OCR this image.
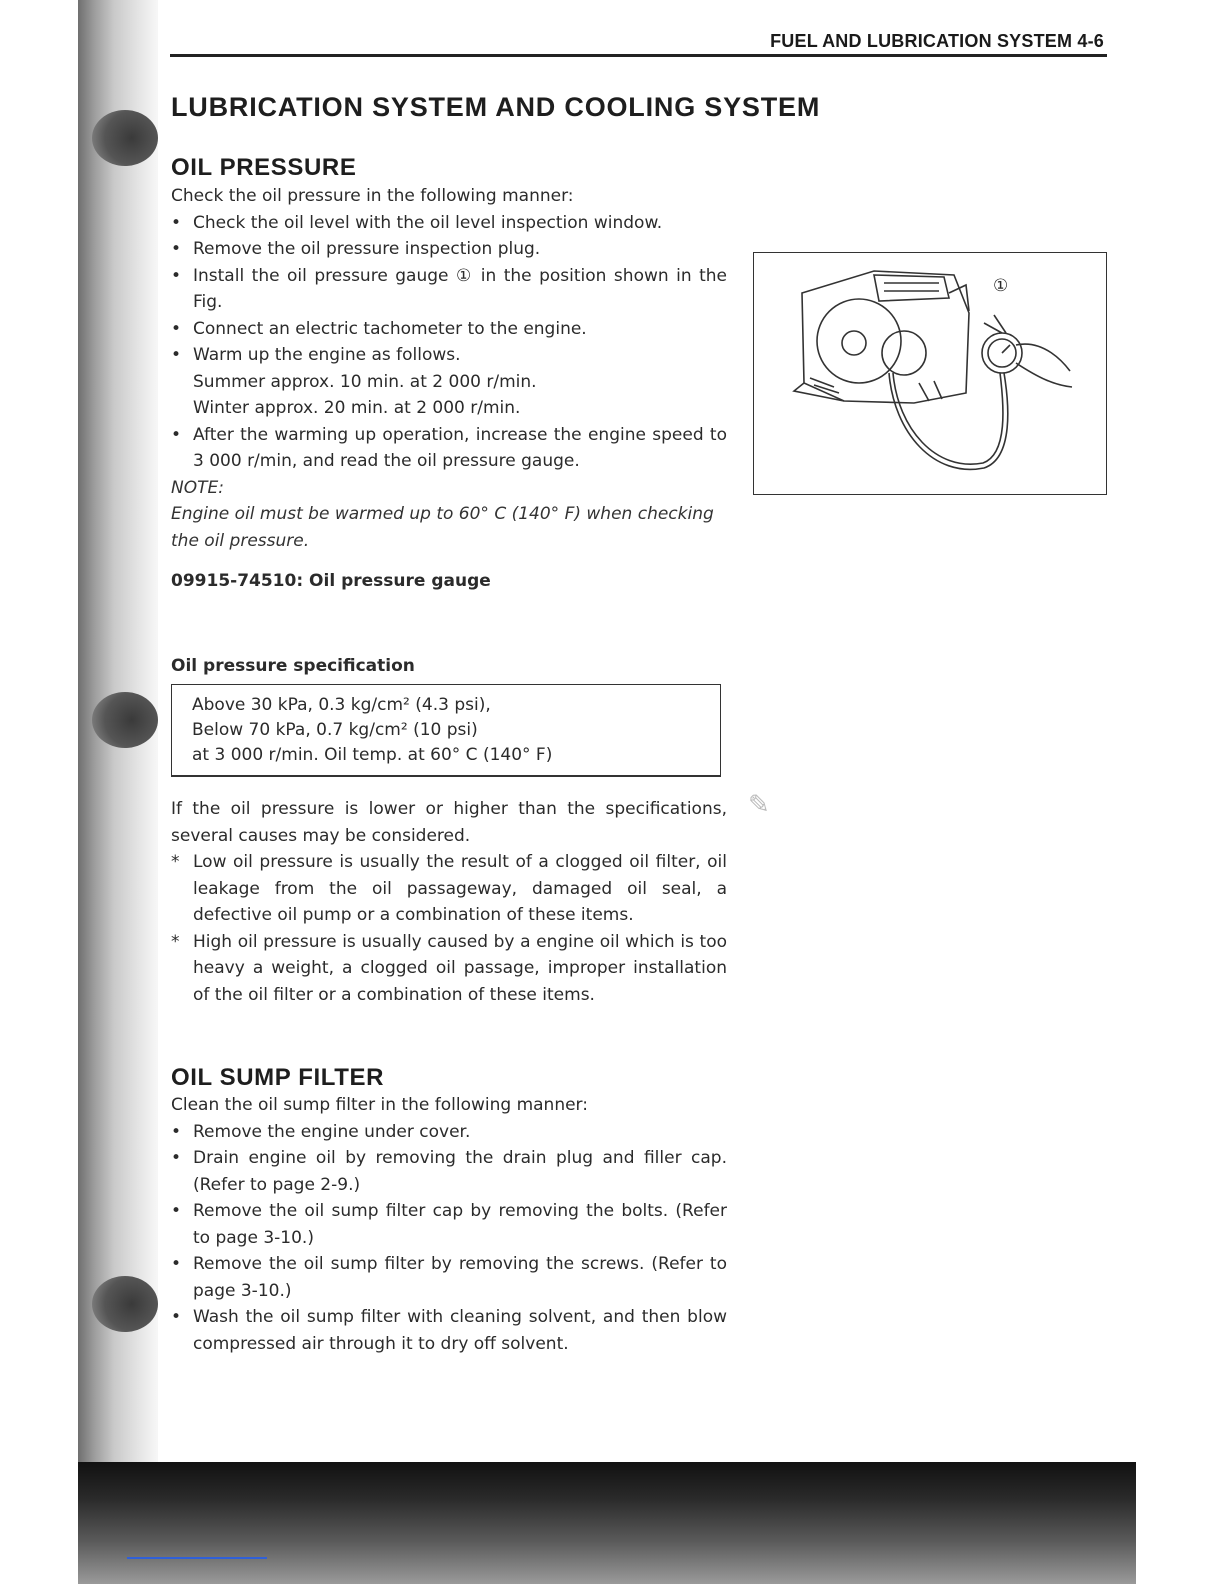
FUEL AND LUBRICATION SYSTEM 4-6
LUBRICATION SYSTEM AND COOLING SYSTEM
OIL PRESSURE

Check the oil pressure in the following manner:

• Check the oil level with the oil level inspection window.
• Remove the oil pressure inspection plug.
• Install the oil pressure gauge ① in the position shown in the Fig.
• Connect an electric tachometer to the engine.
• Warm up the engine as follows.
Summer approx. 10 min. at 2 000 r/min.
Winter approx. 20 min. at 2 000 r/min.
• After the warming up operation, increase the engine speed to 3 000 r/min, and read the oil pressure gauge.

NOTE:

Engine oil must be warmed up to 60° C (140° F) when checking the oil pressure.

09915-74510: Oil pressure gauge

Oil pressure specification
Above 30 kPa, 0.3 kg/cm² (4.3 psi),
Below 70 kPa, 0.7 kg/cm² (10 psi)
at 3 000 r/min. Oil temp. at 60° C (140° F)

If the oil pressure is lower or higher than the specifications, several causes may be considered.

* Low oil pressure is usually the result of a clogged oil filter, oil leakage from the oil passageway, damaged oil seal, a defective oil pump or a combination of these items.
* High oil pressure is usually caused by a engine oil which is too heavy a weight, a clogged oil passage, improper installation of the oil filter or a combination of these items.
✎
①
OIL SUMP FILTER

Clean the oil sump filter in the following manner:

• Remove the engine under cover.
• Drain engine oil by removing the drain plug and filler cap. (Refer to page 2-9.)
• Remove the oil sump filter cap by removing the bolts. (Refer to page 3-10.)
• Remove the oil sump filter by removing the screws. (Refer to page 3-10.)
• Wash the oil sump filter with cleaning solvent, and then blow compressed air through it to dry off solvent.
